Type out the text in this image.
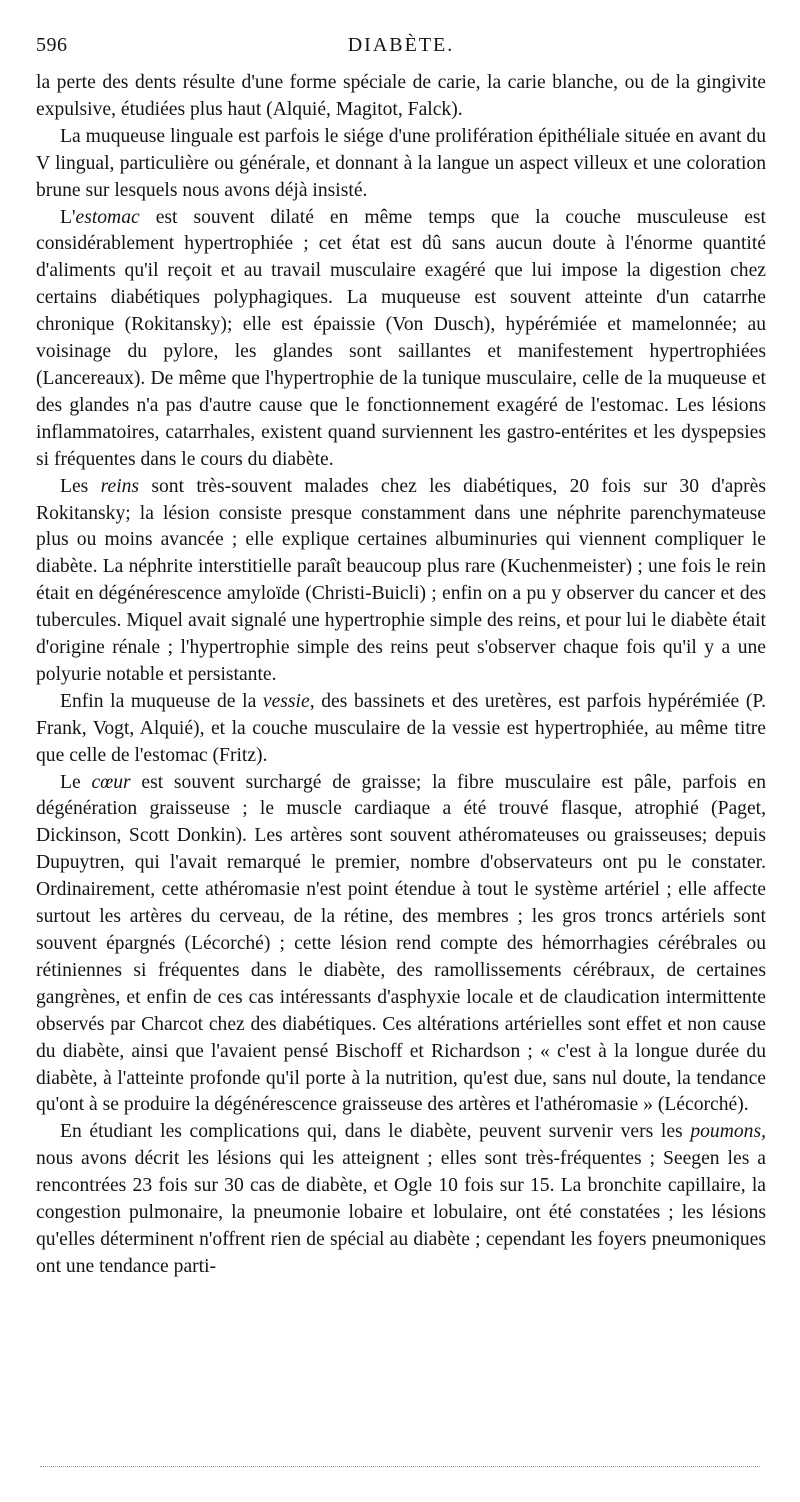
596	DIABÈTE.

la perte des dents résulte d'une forme spéciale de carie, la carie blanche, ou de la gingivite expulsive, étudiées plus haut (Alquié, Magitot, Falck).

La muqueuse linguale est parfois le siége d'une prolifération épithéliale située en avant du V lingual, particulière ou générale, et donnant à la langue un aspect villeux et une coloration brune sur lesquels nous avons déjà insisté.

L'estomac est souvent dilaté en même temps que la couche musculeuse est considérablement hypertrophiée ; cet état est dû sans aucun doute à l'énorme quantité d'aliments qu'il reçoit et au travail musculaire exagéré que lui impose la digestion chez certains diabétiques polyphagiques. La muqueuse est souvent atteinte d'un catarrhe chronique (Rokitansky); elle est épaissie (Von Dusch), hypérémiée et mamelonnée; au voisinage du pylore, les glandes sont saillantes et manifestement hypertrophiées (Lancereaux). De même que l'hypertrophie de la tunique musculaire, celle de la muqueuse et des glandes n'a pas d'autre cause que le fonctionnement exagéré de l'estomac. Les lésions inflammatoires, catarrhales, existent quand surviennent les gastro-entérites et les dyspepsies si fréquentes dans le cours du diabète.

Les reins sont très-souvent malades chez les diabétiques, 20 fois sur 30 d'après Rokitansky; la lésion consiste presque constamment dans une néphrite parenchymateuse plus ou moins avancée ; elle explique certaines albuminuries qui viennent compliquer le diabète. La néphrite interstitielle paraît beaucoup plus rare (Kuchenmeister) ; une fois le rein était en dégénérescence amyloïde (Christi-Buicli) ; enfin on a pu y observer du cancer et des tubercules. Miquel avait signalé une hypertrophie simple des reins, et pour lui le diabète était d'origine rénale ; l'hypertrophie simple des reins peut s'observer chaque fois qu'il y a une polyurie notable et persistante.

Enfin la muqueuse de la vessie, des bassinets et des uretères, est parfois hypérémiée (P. Frank, Vogt, Alquié), et la couche musculaire de la vessie est hypertrophiée, au même titre que celle de l'estomac (Fritz).

Le cœur est souvent surchargé de graisse; la fibre musculaire est pâle, parfois en dégénération graisseuse ; le muscle cardiaque a été trouvé flasque, atrophié (Paget, Dickinson, Scott Donkin). Les artères sont souvent athéromateuses ou graisseuses; depuis Dupuytren, qui l'avait remarqué le premier, nombre d'observateurs ont pu le constater. Ordinairement, cette athéromasie n'est point étendue à tout le système artériel ; elle affecte surtout les artères du cerveau, de la rétine, des membres ; les gros troncs artériels sont souvent épargnés (Lécorché) ; cette lésion rend compte des hémorrhagies cérébrales ou rétiniennes si fréquentes dans le diabète, des ramollissements cérébraux, de certaines gangrènes, et enfin de ces cas intéressants d'asphyxie locale et de claudication intermittente observés par Charcot chez des diabétiques. Ces altérations artérielles sont effet et non cause du diabète, ainsi que l'avaient pensé Bischoff et Richardson ; « c'est à la longue durée du diabète, à l'atteinte profonde qu'il porte à la nutrition, qu'est due, sans nul doute, la tendance qu'ont à se produire la dégénérescence graisseuse des artères et l'athéromasie » (Lécorché).

En étudiant les complications qui, dans le diabète, peuvent survenir vers les poumons, nous avons décrit les lésions qui les atteignent ; elles sont très-fréquentes ; Seegen les a rencontrées 23 fois sur 30 cas de diabète, et Ogle 10 fois sur 15. La bronchite capillaire, la congestion pulmonaire, la pneumonie lobaire et lobulaire, ont été constatées ; les lésions qu'elles déterminent n'offrent rien de spécial au diabète ; cependant les foyers pneumoniques ont une tendance parti-
